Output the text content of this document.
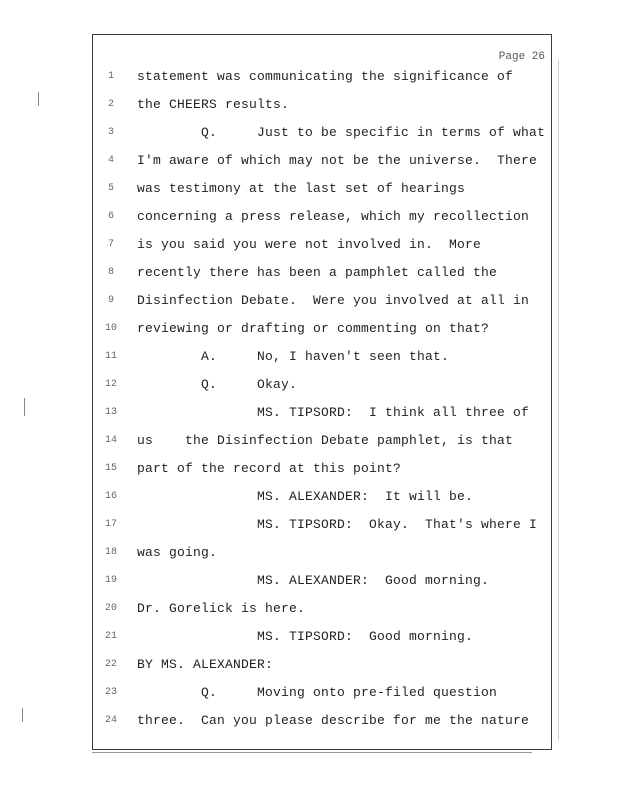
Page 26
1
2
3
4
5
6
7
8
9
10
11
12
13
14
15
16
17
18
19
20
21
22
23
24
statement was communicating the significance of
the CHEERS results.
Q.     Just to be specific in terms of what
I'm aware of which may not be the universe.  There
was testimony at the last set of hearings
concerning a press release, which my recollection
is you said you were not involved in.  More
recently there has been a pamphlet called the
Disinfection Debate.  Were you involved at all in
reviewing or drafting or commenting on that?
A.     No, I haven't seen that.
Q.     Okay.
MS. TIPSORD:  I think all three of
us    the Disinfection Debate pamphlet, is that
part of the record at this point?
MS. ALEXANDER:  It will be.
MS. TIPSORD:  Okay.  That's where I
was going.
MS. ALEXANDER:  Good morning.
Dr. Gorelick is here.
MS. TIPSORD:  Good morning.
BY MS. ALEXANDER:
Q.     Moving onto pre-filed question
three.  Can you please describe for me the nature
